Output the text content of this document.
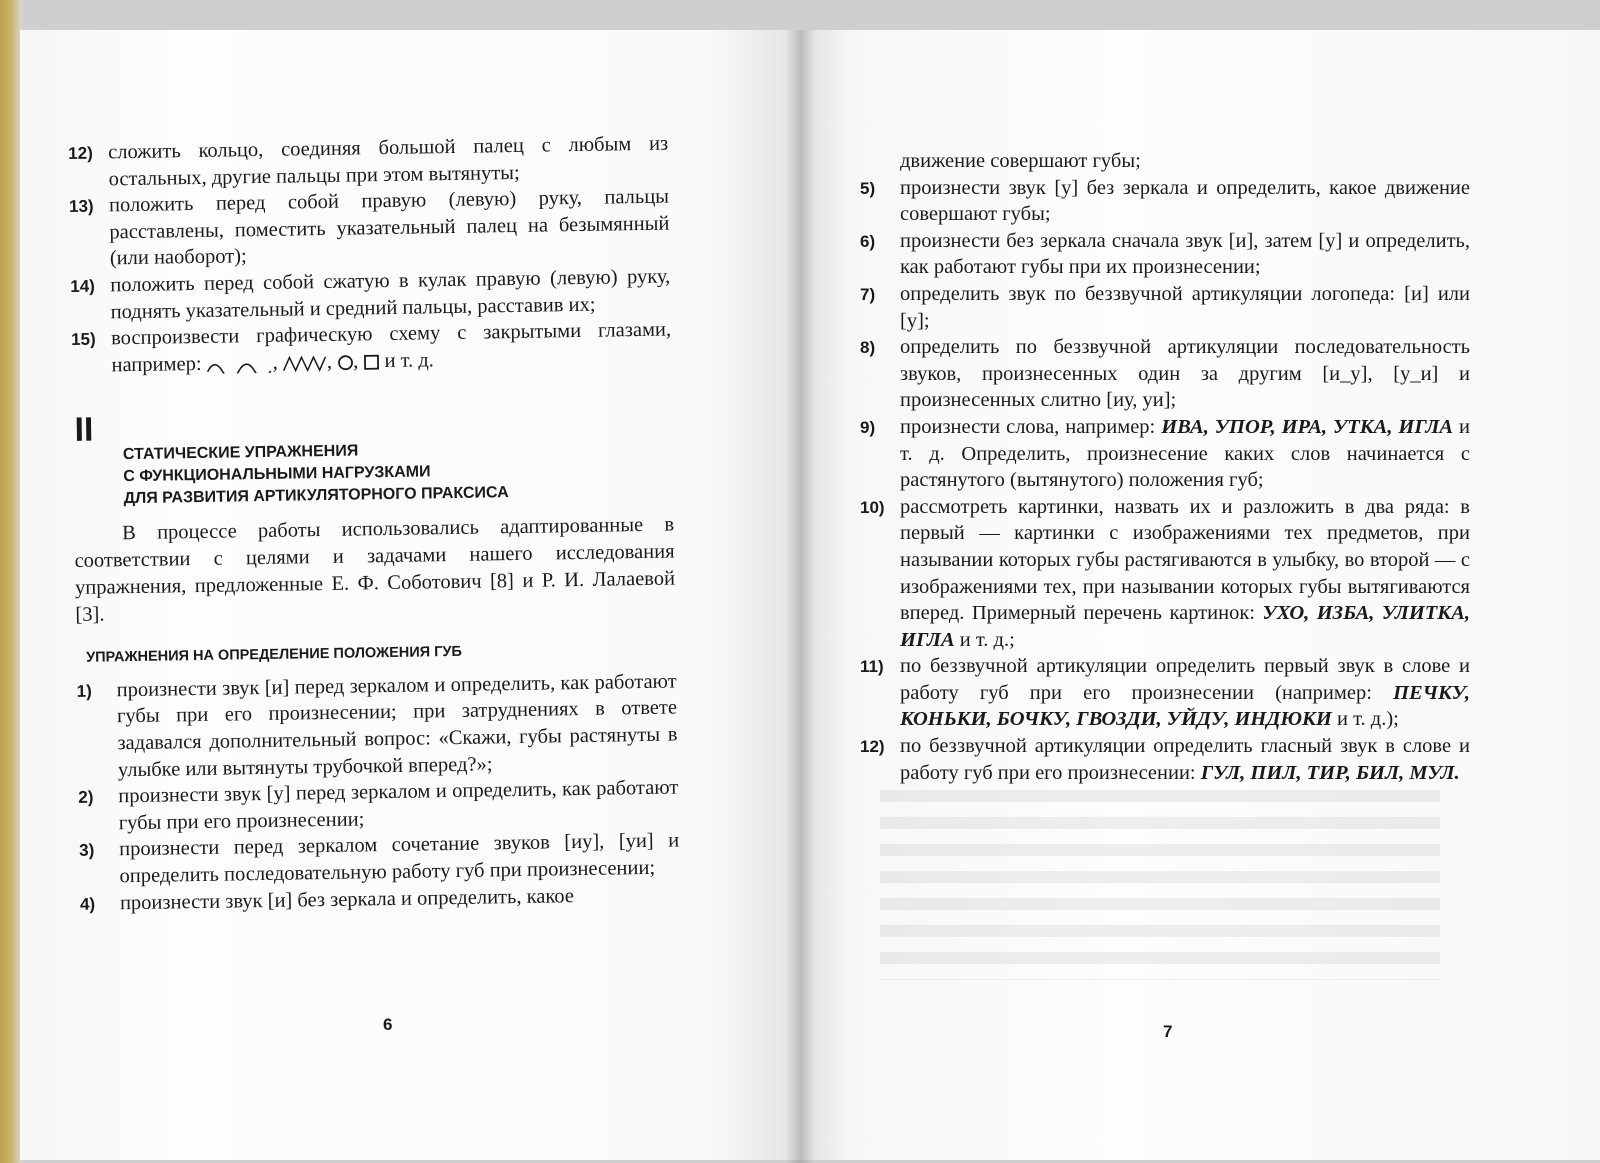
12) сложить кольцо, соединяя большой палец с любым из остальных, другие пальцы при этом вытянуты;
13) положить перед собой правую (левую) руку, пальцы расставлены, поместить указательный палец на безымянный (или наоборот);
14) положить перед собой сжатую в кулак правую (левую) руку, поднять указательный и средний пальцы, расставив их;
15) воспроизвести графическую схему с закрытыми глазами, например:	, , ,  и т. д.
II
СТАТИЧЕСКИЕ УПРАЖНЕНИЯ
С ФУНКЦИОНАЛЬНЫМИ НАГРУЗКАМИ
ДЛЯ РАЗВИТИЯ АРТИКУЛЯТОРНОГО ПРАКСИСА

В процессе работы использовались адаптированные в соответствии с целями и задачами нашего исследования упражнения, предложенные Е. Ф. Соботович [8] и Р. И. Лалаевой [3].

УПРАЖНЕНИЯ НА ОПРЕДЕЛЕНИЕ ПОЛОЖЕНИЯ ГУБ
1) произнести звук [и] перед зеркалом и определить, как работают губы при его произнесении; при затруднениях в ответе задавался дополнительный вопрос: «Скажи, губы растянуты в улыбке или вытянуты трубочкой вперед?»;
2) произнести звук [у] перед зеркалом и определить, как работают губы при его произнесении;
3) произнести перед зеркалом сочетание звуков [иу], [уи] и определить последовательную работу губ при произнесении;
4) произнести звук [и] без зеркала и определить, какое
6
движение совершают губы;
5) произнести звук [у] без зеркала и определить, какое движение совершают губы;
6) произнести без зеркала сначала звук [и], затем [у] и определить, как работают губы при их произнесении;
7) определить звук по беззвучной артикуляции логопеда: [и] или [у];
8) определить по беззвучной артикуляции последовательность звуков, произнесенных один за другим [и_у], [у_и] и произнесенных слитно [иу, уи];
9) произнести слова, например: ИВА, УПОР, ИРА, УТКА, ИГЛА и т. д. Определить, произнесение каких слов начинается с растянутого (вытянутого) положения губ;
10) рассмотреть картинки, назвать их и разложить в два ряда: в первый — картинки с изображениями тех предметов, при назывании которых губы растягиваются в улыбку, во второй — с изображениями тех, при назывании которых губы вытягиваются вперед. Примерный перечень картинок: УХО, ИЗБА, УЛИТКА, ИГЛА и т. д.;
11) по беззвучной артикуляции определить первый звук в слове и работу губ при его произнесении (например: ПЕЧКУ, КОНЬКИ, БОЧКУ, ГВОЗДИ, УЙДУ, ИНДЮКИ и т. д.);
12) по беззвучной артикуляции определить гласный звук в слове и работу губ при его произнесении: ГУЛ, ПИЛ, ТИР, БИЛ, МУЛ.
7
